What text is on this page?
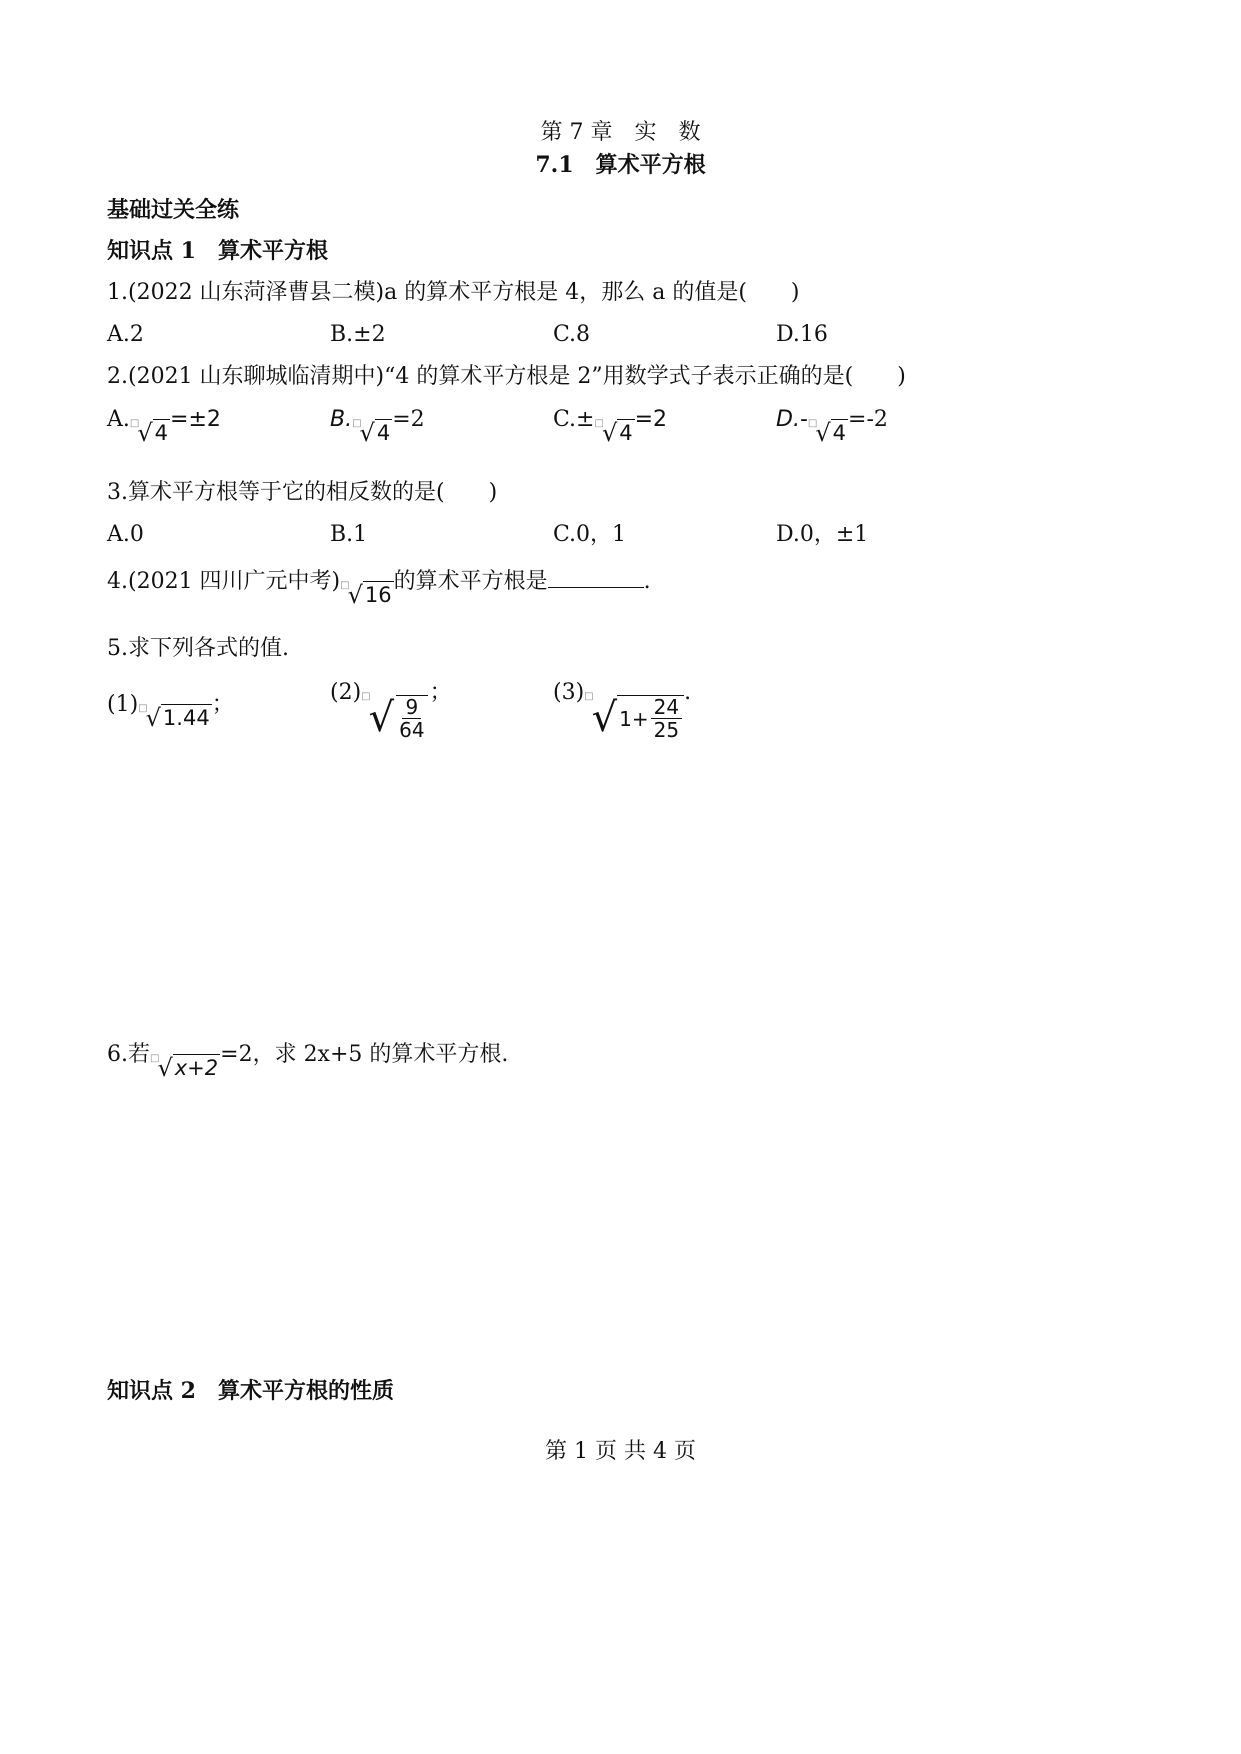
第 7 章　实　数
7.1　算术平方根
基础过关全练
知识点 1　算术平方根
1.(2022 山东菏泽曹县二模)a 的算术平方根是 4，那么 a 的值是(　　)
A.2	B.±2	C.8	D.16
2.(2021 山东聊城临清期中)“4 的算术平方根是 2”用数学式子表示正确的是(　　)
A. □
√ 4
=±2	B. □
√ 4
=2	C.± □
√ 4
=2	D.- □
√ 4
=-2
3.算术平方根等于它的相反数的是(　　)
A.0	B.1	C.0，1	D.0，±1
4.(2021 四川广元中考) □
√ 16
的算术平方根是	.
5.求下列各式的值.
(1) □
√ 1.44
；	(2) □
√ $\frac{9}{64}$
；	(3) □
√ $1+ \frac{24}{25}$
.
6.若 □
√ x+2
=2，求 2x+5 的算术平方根.
知识点 2　算术平方根的性质
第 1 页 共 4 页
